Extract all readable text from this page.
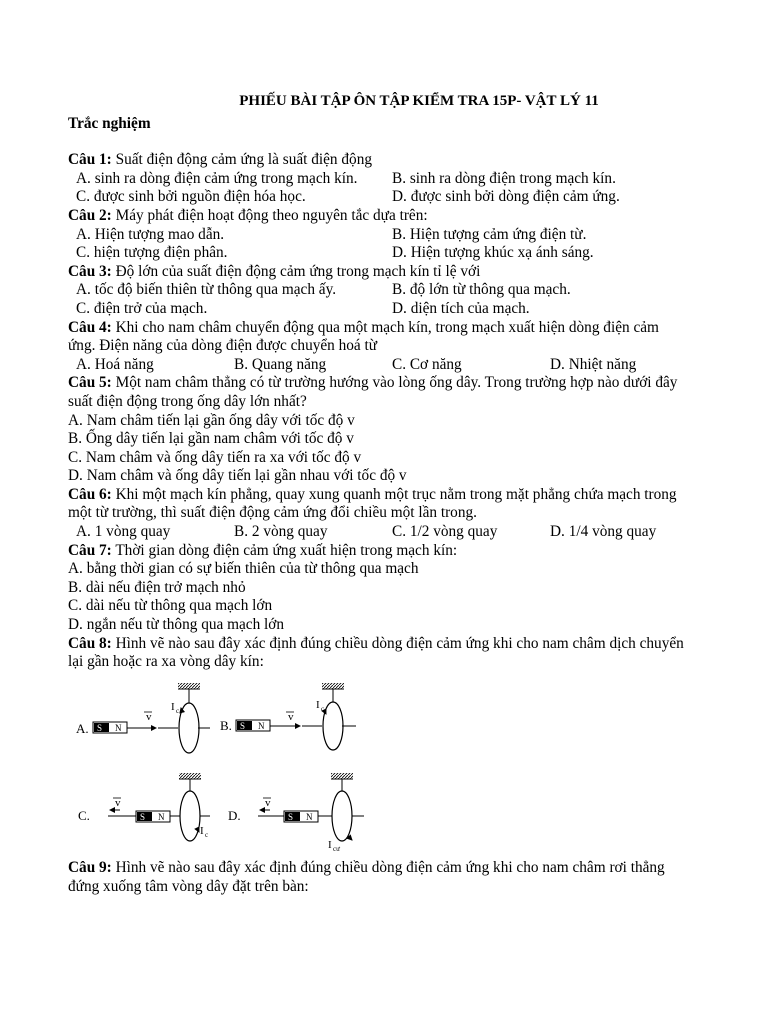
PHIẾU BÀI TẬP ÔN TẬP KIỂM TRA 15P- VẬT LÝ 11
Trắc nghiệm
Câu 1: Suất điện động cảm ứng là suất điện động
A. sinh ra dòng điện cảm ứng trong mạch kín.	B. sinh ra dòng điện trong mạch kín.
C. được sinh bởi nguồn điện hóa học.	D. được sinh bởi dòng điện cảm ứng.
Câu 2: Máy phát điện hoạt động theo nguyên tắc dựa trên:
A. Hiện tượng mao dẫn.	B. Hiện tượng cảm ứng điện từ.
C. hiện tượng điện phân.	D. Hiện tượng khúc xạ ánh sáng.
Câu 3: Độ lớn của suất điện động cảm ứng trong mạch kín tỉ lệ với
A. tốc độ biến thiên từ thông qua mạch ấy.	B. độ lớn từ thông qua mạch.
C. điện trở của mạch.	D. diện tích của mạch.
Câu 4: Khi cho nam châm chuyển động qua một mạch kín, trong mạch xuất hiện dòng điện cảm
ứng. Điện năng của dòng điện được chuyển hoá từ
A. Hoá năng	B. Quang năng	C. Cơ năng	D. Nhiệt năng
Câu 5: Một nam châm thẳng có từ trường hướng vào lòng ống dây. Trong trường hợp nào dưới đây
suất điện động trong ống dây lớn nhất?
A. Nam châm tiến lại gần ống dây với tốc độ v
B. Ống dây tiến lại gần nam châm với tốc độ v
C. Nam châm và ống dây tiến ra xa với tốc độ v
D. Nam châm và ống dây tiến lại gần nhau với tốc độ v
Câu 6: Khi một mạch kín phẳng, quay xung quanh một trục nằm trong mặt phẳng chứa mạch trong
một từ trường, thì suất điện động cảm ứng đổi chiều một lần trong.
A. 1 vòng quay	B. 2 vòng quay	C. 1/2 vòng quay	D. 1/4 vòng quay
Câu 7: Thời gian dòng điện cảm ứng xuất hiện trong mạch kín:
A. bằng thời gian có sự biến thiên của từ thông qua mạch
B. dài nếu điện trở mạch nhỏ
C. dài nếu từ thông qua mạch lớn
D. ngắn nếu từ thông qua mạch lớn
Câu 8: Hình vẽ nào sau đây xác định đúng chiều dòng điện cảm ứng khi cho nam châm dịch chuyển
lại gần hoặc ra xa vòng dây kín:
A. S N
v
I c
B. S N
v
I c
C.
v
S N
I c
D.
v
S N
I cư
Câu 9: Hình vẽ nào sau đây xác định đúng chiều dòng điện cảm ứng khi cho nam châm rơi thẳng
đứng xuống tâm vòng dây đặt trên bàn:
